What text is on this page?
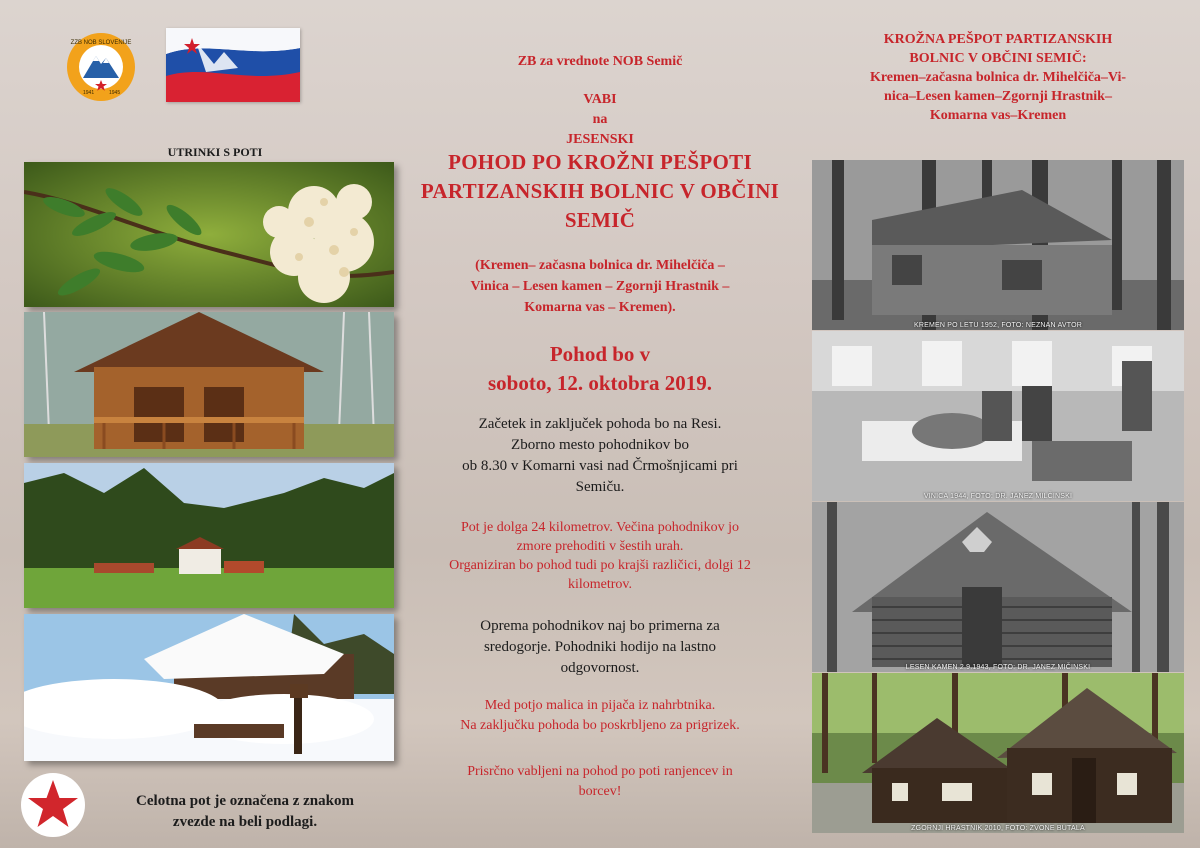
ZZB NOB SLOVENIJE
1941	1945
ZB za vrednote NOB Semič
VABI
na
JESENSKI
POHOD PO KROŽNI PEŠPOTI
PARTIZANSKIH BOLNIC V OBČINI
SEMIČ
(Kremen– začasna bolnica dr. Mihelčiča –
Vinica – Lesen kamen – Zgornji Hrastnik –
Komarna vas – Kremen).
Pohod bo v
soboto, 12. oktobra 2019.
Začetek in zaključek pohoda bo na Resi.
Zborno mesto pohodnikov bo
ob 8.30 v Komarni vasi nad Črmošnjicami pri
Semiču.
Pot je dolga 24 kilometrov. Večina pohodnikov jo
zmore prehoditi v šestih urah.
Organiziran bo pohod tudi po krajši različici, dolgi 12
kilometrov.
Oprema pohodnikov naj bo primerna za
sredogorje. Pohodniki hodijo na lastno
odgovornost.
Med potjo malica in pijača iz nahrbtnika.
Na zaključku pohoda bo poskrbljeno za prigrizek.
Prisrčno vabljeni na pohod po poti ranjencev in
borcev!
UTRINKI S POTI
Celotna pot je označena z znakom
zvezde na beli podlagi.
KROŽNA PEŠPOT PARTIZANSKIH
BOLNIC V OBČINI SEMIČ:
Kremen–začasna bolnica dr. Mihelčiča–Vi-
nica–Lesen kamen–Zgornji Hrastnik–
Komarna vas–Kremen
KREMEN PO LETU 1952, FOTO: NEZNAN AVTOR
VINICA 1944, FOTO: DR. JANEZ MILČINSKI
LESEN KAMEN 2.9.1943, FOTO: DR. JANEZ MIČINSKI
ZGORNJI HRASTNIK 2010, FOTO: ZVONE BUTALA
